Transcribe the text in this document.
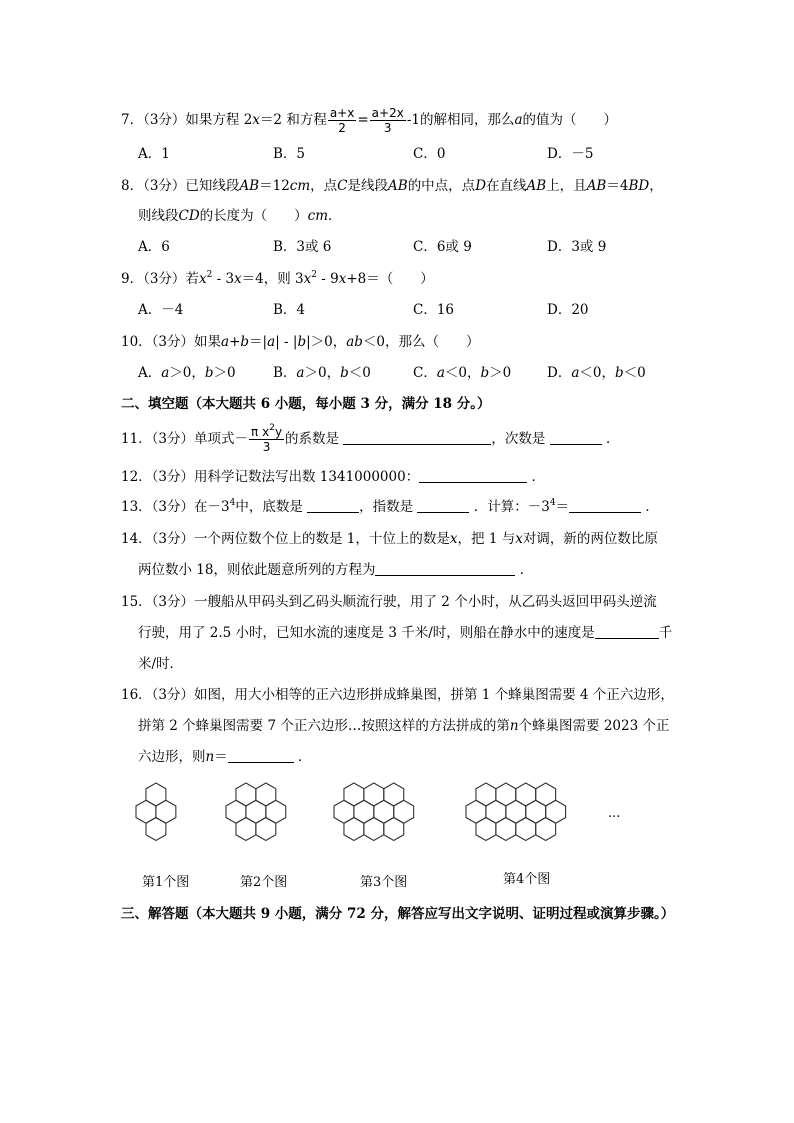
7．（3分）如果方程 2x＝2 和方程 $\frac{a+x}{2} = \frac{a+2x}{3} -1$的解相同，那么a的值为（　　）
A．1	B．5	C．0	D．－5
8．（3分）已知线段AB＝12cm，点C是线段AB的中点，点D在直线AB上，且AB＝4BD，
则线段CD的长度为（　　）cm．
A．6	B．3或 6	C．6或 9	D．3或 9
9．（3分）若$x^2 - 3x=4$，则 $3x^2 - 9x+8=$（　　）
A．－4	B．4	C．16	D．20
10．（3分）如果a+b＝|a| - |b|＞0，ab＜0，那么（　　）
A．a＞0，b＞0	B．a＞0，b＜0	C．a＜0，b＞0	D．a＜0，b＜0
二、填空题（本大题共 6 小题，每小题 3 分，满分 18 分。）
11．（3分）单项式－ $\frac{\pi x^2y}{3}$ 的系数是	，次数是	．
12．（3分）用科学记数法写出数 1341000000：	．
13．（3分）在$-3^4$中，底数是	，指数是	．计算：$-3^4=$	．
14．（3分）一个两位数个位上的数是 1，十位上的数是x，把 1 与x对调，新的两位数比原
两位数小 18，则依此题意所列的方程为	．
15．（3分）一艘船从甲码头到乙码头顺流行驶，用了 2 个小时，从乙码头返回甲码头逆流
行驶，用了 2.5 小时，已知水流的速度是 3 千米/时，则船在静水中的速度是	千
米/时．
16．（3分）如图，用大小相等的正六边形拼成蜂巢图，拼第 1 个蜂巢图需要 4 个正六边形，
拼第 2 个蜂巢图需要 7 个正六边形…按照这样的方法拼成的第n个蜂巢图需要 2023 个正
六边形，则n＝	．
...
第1个图	第2个图	第3个图	第4个图
三、解答题（本大题共 9 小题，满分 72 分，解答应写出文字说明、证明过程或演算步骤。）
